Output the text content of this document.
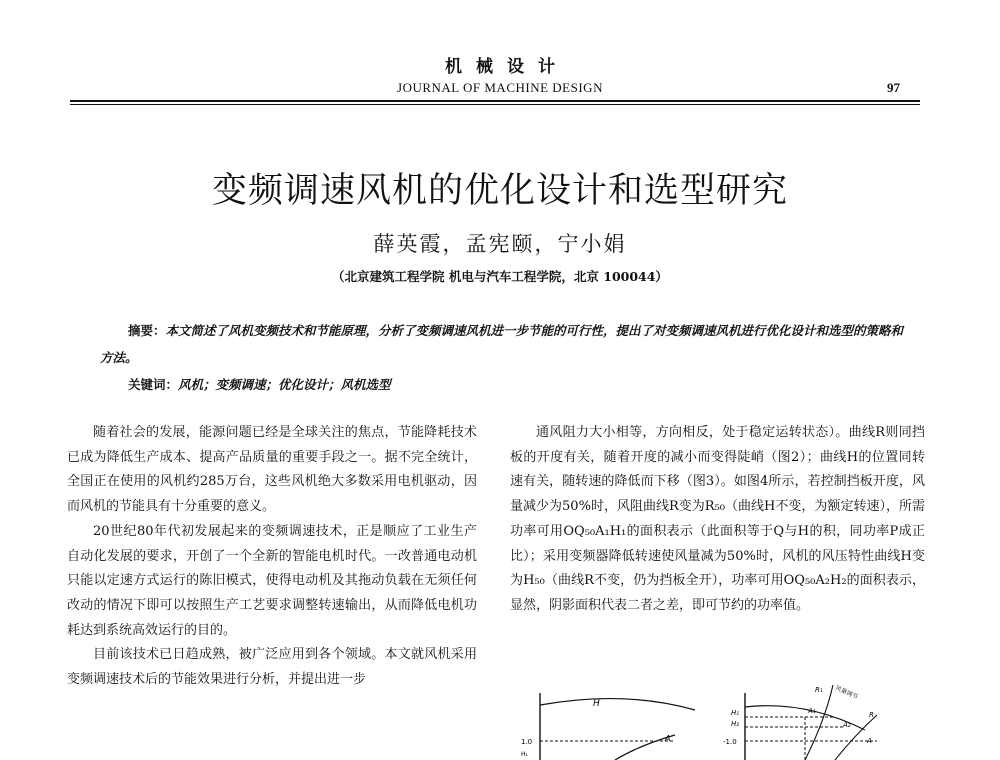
机械设计
JOURNAL OF MACHINE DESIGN	97
变频调速风机的优化设计和选型研究
薛英霞，孟宪颐，宁小娟
（北京建筑工程学院 机电与汽车工程学院，北京 100044）

摘要：本文简述了风机变频技术和节能原理，分析了变频调速风机进一步节能的可行性，提出了对变频调速风机进行优化设计和选型的策略和方法。

关键词：风机；变频调速；优化设计；风机选型

随着社会的发展，能源问题已经是全球关注的焦点，节能降耗技术已成为降低生产成本、提高产品质量的重要手段之一。据不完全统计，全国正在使用的风机约285万台，这些风机绝大多数采用电机驱动，因而风机的节能具有十分重要的意义。

20世纪80年代初发展起来的变频调速技术，正是顺应了工业生产自动化发展的要求，开创了一个全新的智能电机时代。一改普通电动机只能以定速方式运行的陈旧模式，使得电动机及其拖动负载在无须任何改动的情况下即可以按照生产工艺要求调整转速输出，从而降低电机功耗达到系统高效运行的目的。

目前该技术已日趋成熟，被广泛应用到各个领域。本文就风机采用变频调速技术后的节能效果进行分析，并提出进一步

通风阻力大小相等，方向相反，处于稳定运转状态）。曲线R则同挡板的开度有关，随着开度的减小而变得陡峭（图2）；曲线H的位置同转速有关，随转速的降低而下移（图3）。如图4所示，若控制挡板开度，风量减少为50%时，风阻曲线R变为R₅₀（曲线H不变，为额定转速），所需功率可用OQ₅₀A₁H₁的面积表示（此面积等于Q与H的积，同功率P成正比）；采用变频器降低转速使风量减为50%时，风机的风压特性曲线H变为H₅₀（曲线R不变，仍为挡板全开），功率可用OQ₅₀A₂H₂的面积表示，显然，阴影面积代表二者之差，即可节约的功率值。

H
A
1.0
H₁
R₁
H₁
H₂
A₁
A₂
R
A
-1.0
风量调节
